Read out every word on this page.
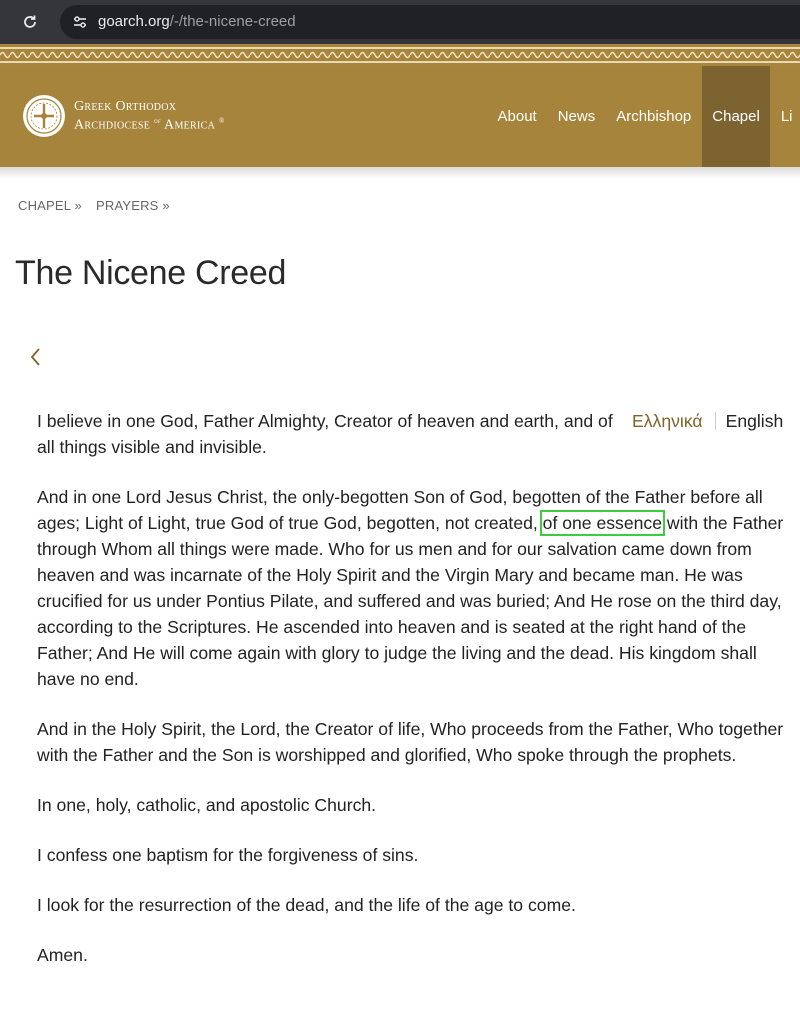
goarch.org/-/the-nicene-creed
Greek Orthodox
Archdiocese $^{of}$ America ®	About	News	Archbishop	Chapel	Li
CHAPEL » PRAYERS »
The Nicene Creed
Ελληνικά English

I believe in one God, Father Almighty, Creator of heaven and earth, and of all things visible and invisible.

And in one Lord Jesus Christ, the only-begotten Son of God, begotten of the Father before all ages; Light of Light, true God of true God, begotten, not created, of one essence with the Father through Whom all things were made. Who for us men and for our salvation came down from heaven and was incarnate of the Holy Spirit and the Virgin Mary and became man. He was crucified for us under Pontius Pilate, and suffered and was buried; And He rose on the third day, according to the Scriptures. He ascended into heaven and is seated at the right hand of the Father; And He will come again with glory to judge the living and the dead. His kingdom shall have no end.

And in the Holy Spirit, the Lord, the Creator of life, Who proceeds from the Father, Who together with the Father and the Son is worshipped and glorified, Who spoke through the prophets.

In one, holy, catholic, and apostolic Church.

I confess one baptism for the forgiveness of sins.

I look for the resurrection of the dead, and the life of the age to come.

Amen.
